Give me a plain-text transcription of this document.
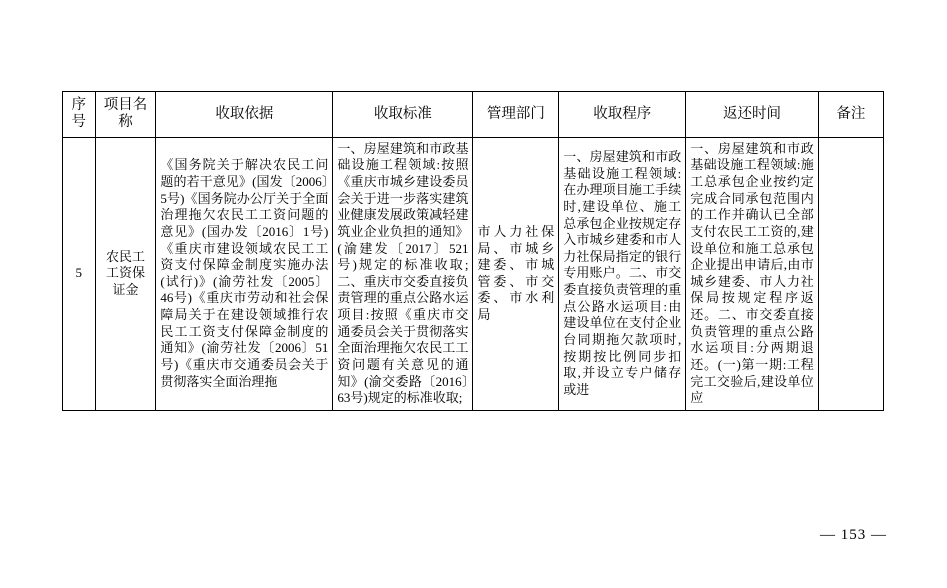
序号	项目名称	收取依据	收取标准	管理部门	收取程序	返还时间	备注
5	农民工工资保证金	《国务院关于解决农民工问题的若干意见》(国发〔2006〕5号)《国务院办公厅关于全面治理拖欠农民工工资问题的意见》(国办发〔2016〕1号)《重庆市建设领域农民工工资支付保障金制度实施办法(试行)》(渝劳社发〔2005〕46号)《重庆市劳动和社会保障局关于在建设领域推行农民工工资支付保障金制度的通知》(渝劳社发〔2006〕51号)《重庆市交通委员会关于贯彻落实全面治理拖	一、房屋建筑和市政基础设施工程领域:按照《重庆市城乡建设委员会关于进一步落实建筑业健康发展政策减轻建筑业企业负担的通知》(渝建发〔2017〕521号)规定的标准收取;二、重庆市交委直接负责管理的重点公路水运项目:按照《重庆市交通委员会关于贯彻落实全面治理拖欠农民工工资问题有关意见的通知》(渝交委路〔2016〕63号)规定的标准收取;	市人力社保局、市城乡建委、市城管委、市交委、市水利局	一、房屋建筑和市政基础设施工程领域:在办理项目施工手续时,建设单位、施工总承包企业按规定存入市城乡建委和市人力社保局指定的银行专用账户。二、市交委直接负责管理的重点公路水运项目:由建设单位在支付企业台同期拖欠款项时,按期按比例同步扣取,并设立专户储存或进	一、房屋建筑和市政基础设施工程领域:施工总承包企业按约定完成合同承包范围内的工作并确认已全部支付农民工工资的,建设单位和施工总承包企业提出申请后,由市城乡建委、市人力社保局按规定程序返还。二、市交委直接负责管理的重点公路水运项目:分两期退还。(一)第一期:工程完工交验后,建设单位应	
— 153 —
